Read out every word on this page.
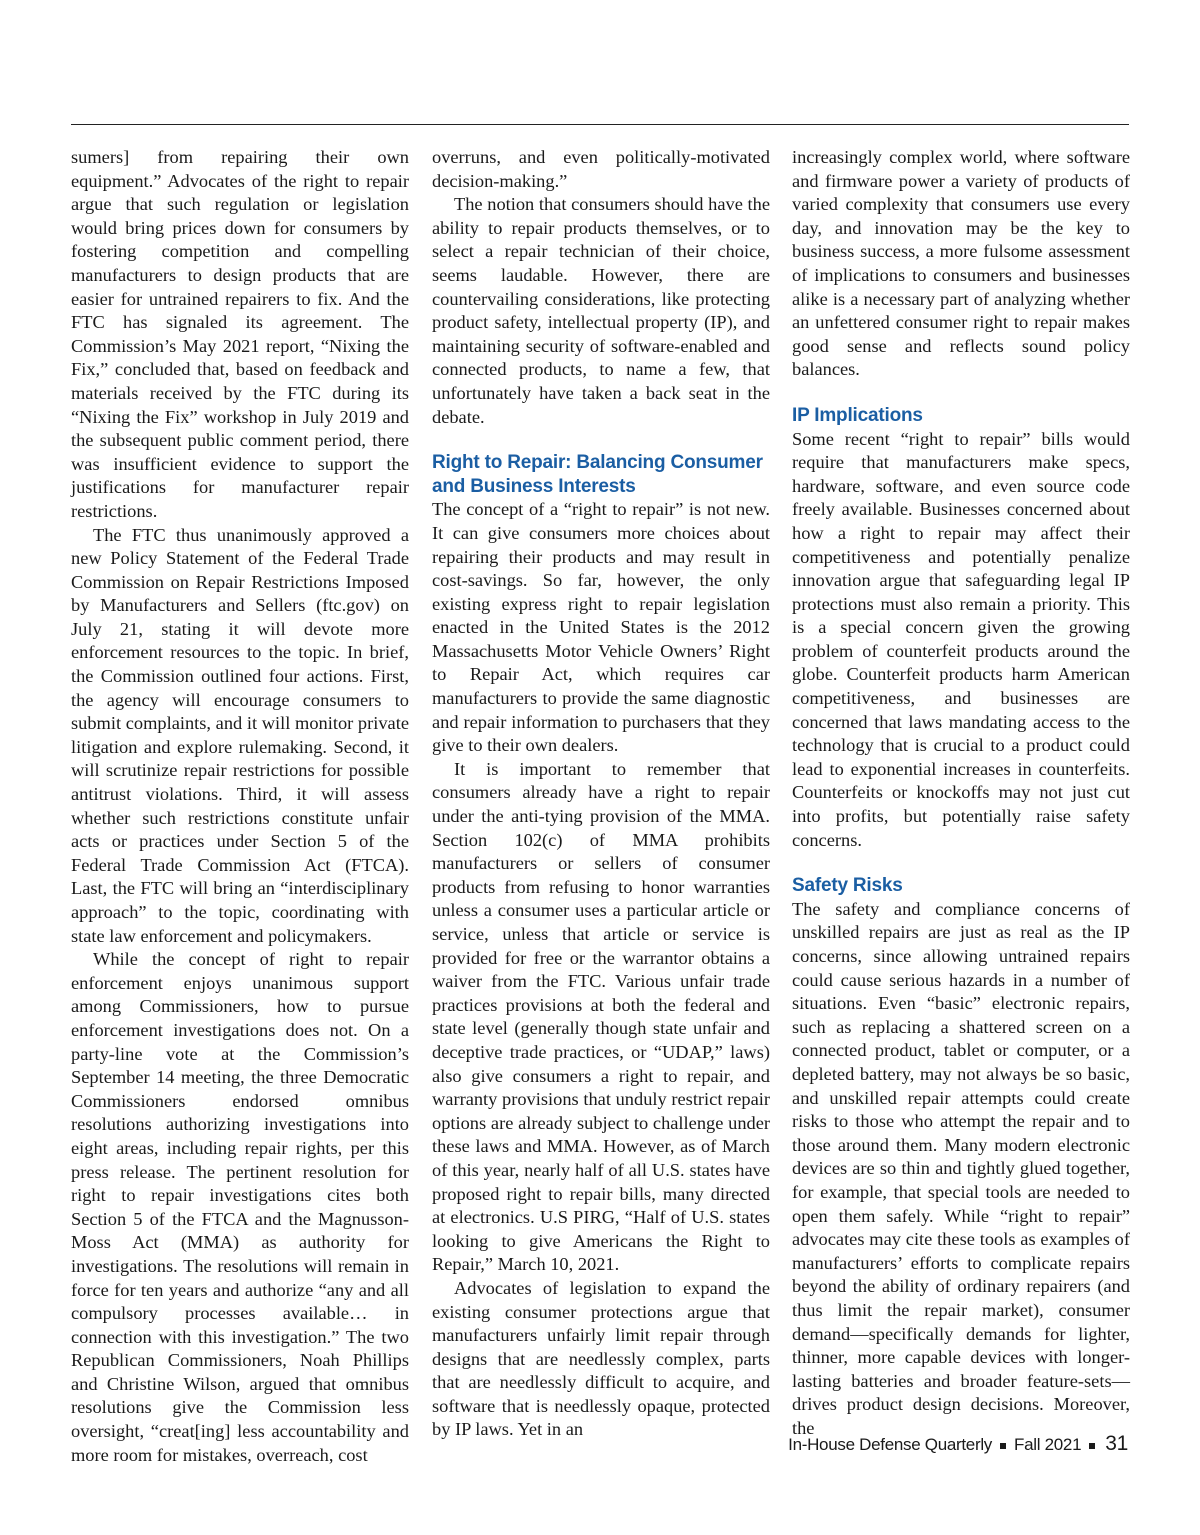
sumers] from repairing their own equipment.” Advocates of the right to repair argue that such regulation or legislation would bring prices down for consumers by fostering competition and compelling manufacturers to design products that are easier for untrained repairers to fix. And the FTC has signaled its agreement. The Commission’s May 2021 report, “Nixing the Fix,” concluded that, based on feedback and materials received by the FTC during its “Nixing the Fix” workshop in July 2019 and the subsequent public comment period, there was insufficient evidence to support the justifications for manufacturer repair restrictions.

The FTC thus unanimously approved a new Policy Statement of the Federal Trade Commission on Repair Restrictions Imposed by Manufacturers and Sellers (ftc.gov) on July 21, stating it will devote more enforcement resources to the topic. In brief, the Commission outlined four actions. First, the agency will encourage consumers to submit complaints, and it will monitor private litigation and explore rulemaking. Second, it will scrutinize repair restrictions for possible antitrust violations. Third, it will assess whether such restrictions constitute unfair acts or practices under Section 5 of the Federal Trade Commission Act (FTCA). Last, the FTC will bring an “interdisciplinary approach” to the topic, coordinating with state law enforcement and policymakers.

While the concept of right to repair enforcement enjoys unanimous support among Commissioners, how to pursue enforcement investigations does not. On a party-line vote at the Commission’s September 14 meeting, the three Democratic Commissioners endorsed omnibus resolutions authorizing investigations into eight areas, including repair rights, per this press release. The pertinent resolution for right to repair investigations cites both Section 5 of the FTCA and the Magnusson-Moss Act (MMA) as authority for investigations. The resolutions will remain in force for ten years and authorize “any and all compulsory processes available… in connection with this investigation.” The two Republican Commissioners, Noah Phillips and Christine Wilson, argued that omnibus resolutions give the Commission less oversight, “creat[ing] less accountability and more room for mistakes, overreach, cost

overruns, and even politically-motivated decision-making.”

The notion that consumers should have the ability to repair products themselves, or to select a repair technician of their choice, seems laudable. However, there are countervailing considerations, like protecting product safety, intellectual property (IP), and maintaining security of software-enabled and connected products, to name a few, that unfortunately have taken a back seat in the debate.

Right to Repair: Balancing Consumer and Business Interests

The concept of a “right to repair” is not new. It can give consumers more choices about repairing their products and may result in cost-savings. So far, however, the only existing express right to repair legislation enacted in the United States is the 2012 Massachusetts Motor Vehicle Owners’ Right to Repair Act, which requires car manufacturers to provide the same diagnostic and repair information to purchasers that they give to their own dealers.

It is important to remember that consumers already have a right to repair under the anti-tying provision of the MMA. Section 102(c) of MMA prohibits manufacturers or sellers of consumer products from refusing to honor warranties unless a consumer uses a particular article or service, unless that article or service is provided for free or the warrantor obtains a waiver from the FTC. Various unfair trade practices provisions at both the federal and state level (generally though state unfair and deceptive trade practices, or “UDAP,” laws) also give consumers a right to repair, and warranty provisions that unduly restrict repair options are already subject to challenge under these laws and MMA. However, as of March of this year, nearly half of all U.S. states have proposed right to repair bills, many directed at electronics. U.S PIRG, “Half of U.S. states looking to give Americans the Right to Repair,” March 10, 2021.

Advocates of legislation to expand the existing consumer protections argue that manufacturers unfairly limit repair through designs that are needlessly complex, parts that are needlessly difficult to acquire, and software that is needlessly opaque, protected by IP laws. Yet in an

increasingly complex world, where software and firmware power a variety of products of varied complexity that consumers use every day, and innovation may be the key to business success, a more fulsome assessment of implications to consumers and businesses alike is a necessary part of analyzing whether an unfettered consumer right to repair makes good sense and reflects sound policy balances.

IP Implications

Some recent “right to repair” bills would require that manufacturers make specs, hardware, software, and even source code freely available. Businesses concerned about how a right to repair may affect their competitiveness and potentially penalize innovation argue that safeguarding legal IP protections must also remain a priority. This is a special concern given the growing problem of counterfeit products around the globe. Counterfeit products harm American competitiveness, and businesses are concerned that laws mandating access to the technology that is crucial to a product could lead to exponential increases in counterfeits. Counterfeits or knockoffs may not just cut into profits, but potentially raise safety concerns.

Safety Risks

The safety and compliance concerns of unskilled repairs are just as real as the IP concerns, since allowing untrained repairs could cause serious hazards in a number of situations. Even “basic” electronic repairs, such as replacing a shattered screen on a connected product, tablet or computer, or a depleted battery, may not always be so basic, and unskilled repair attempts could create risks to those who attempt the repair and to those around them. Many modern electronic devices are so thin and tightly glued together, for example, that special tools are needed to open them safely. While “right to repair” advocates may cite these tools as examples of manufacturers’ efforts to complicate repairs beyond the ability of ordinary repairers (and thus limit the repair market), consumer demand—specifically demands for lighter, thinner, more capable devices with longer-lasting batteries and broader feature-sets—drives product design decisions. Moreover, the

In-House Defense Quarterly Fall 2021 31
